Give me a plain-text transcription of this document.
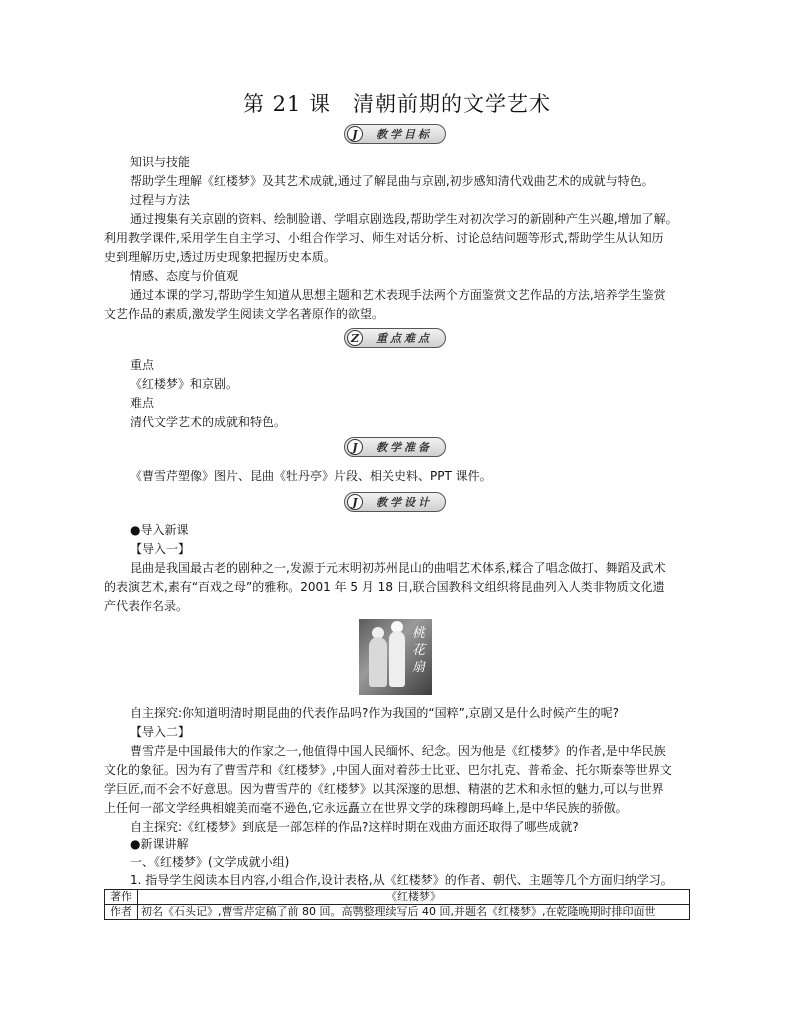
第 21 课　清朝前期的文学艺术
J	教学目标
知识与技能
帮助学生理解《红楼梦》及其艺术成就,通过了解昆曲与京剧,初步感知清代戏曲艺术的成就与特色。
过程与方法
通过搜集有关京剧的资料、绘制脸谱、学唱京剧选段,帮助学生对初次学习的新剧种产生兴趣,增加了解。
利用教学课件,采用学生自主学习、小组合作学习、师生对话分析、讨论总结问题等形式,帮助学生从认知历
史到理解历史,透过历史现象把握历史本质。
情感、态度与价值观
通过本课的学习,帮助学生知道从思想主题和艺术表现手法两个方面鉴赏文艺作品的方法,培养学生鉴赏
文艺作品的素质,激发学生阅读文学名著原作的欲望。
Z	重点难点
重点
《红楼梦》和京剧。
难点
清代文学艺术的成就和特色。
J	教学准备
《曹雪芹塑像》图片、昆曲《牡丹亭》片段、相关史料、PPT 课件。
J	教学设计
●导入新课
【导入一】
昆曲是我国最古老的剧种之一,发源于元末明初苏州昆山的曲唱艺术体系,糅合了唱念做打、舞蹈及武术
的表演艺术,素有“百戏之母”的雅称。2001 年 5 月 18 日,联合国教科文组织将昆曲列入人类非物质文化遗
产代表作名录。
桃花扇
自主探究:你知道明清时期昆曲的代表作品吗?作为我国的“国粹”,京剧又是什么时候产生的呢?
【导入二】
曹雪芹是中国最伟大的作家之一,他值得中国人民缅怀、纪念。因为他是《红楼梦》的作者,是中华民族
文化的象征。因为有了曹雪芹和《红楼梦》,中国人面对着莎士比亚、巴尔扎克、普希金、托尔斯泰等世界文
学巨匠,而不会不好意思。因为曹雪芹的《红楼梦》以其深邃的思想、精湛的艺术和永恒的魅力,可以与世界
上任何一部文学经典相媲美而毫不逊色,它永远矗立在世界文学的珠穆朗玛峰上,是中华民族的骄傲。
自主探究:《红楼梦》到底是一部怎样的作品?这样时期在戏曲方面还取得了哪些成就?
●新课讲解
一、《红楼梦》(文学成就小组)
1. 指导学生阅读本目内容,小组合作,设计表格,从《红楼梦》的作者、朝代、主题等几个方面归纳学习。
著作	《红楼梦》
作者	初名《石头记》,曹雪芹定稿了前 80 回。高鹗整理续写后 40 回,并题名《红楼梦》,在乾隆晚期时排印面世
